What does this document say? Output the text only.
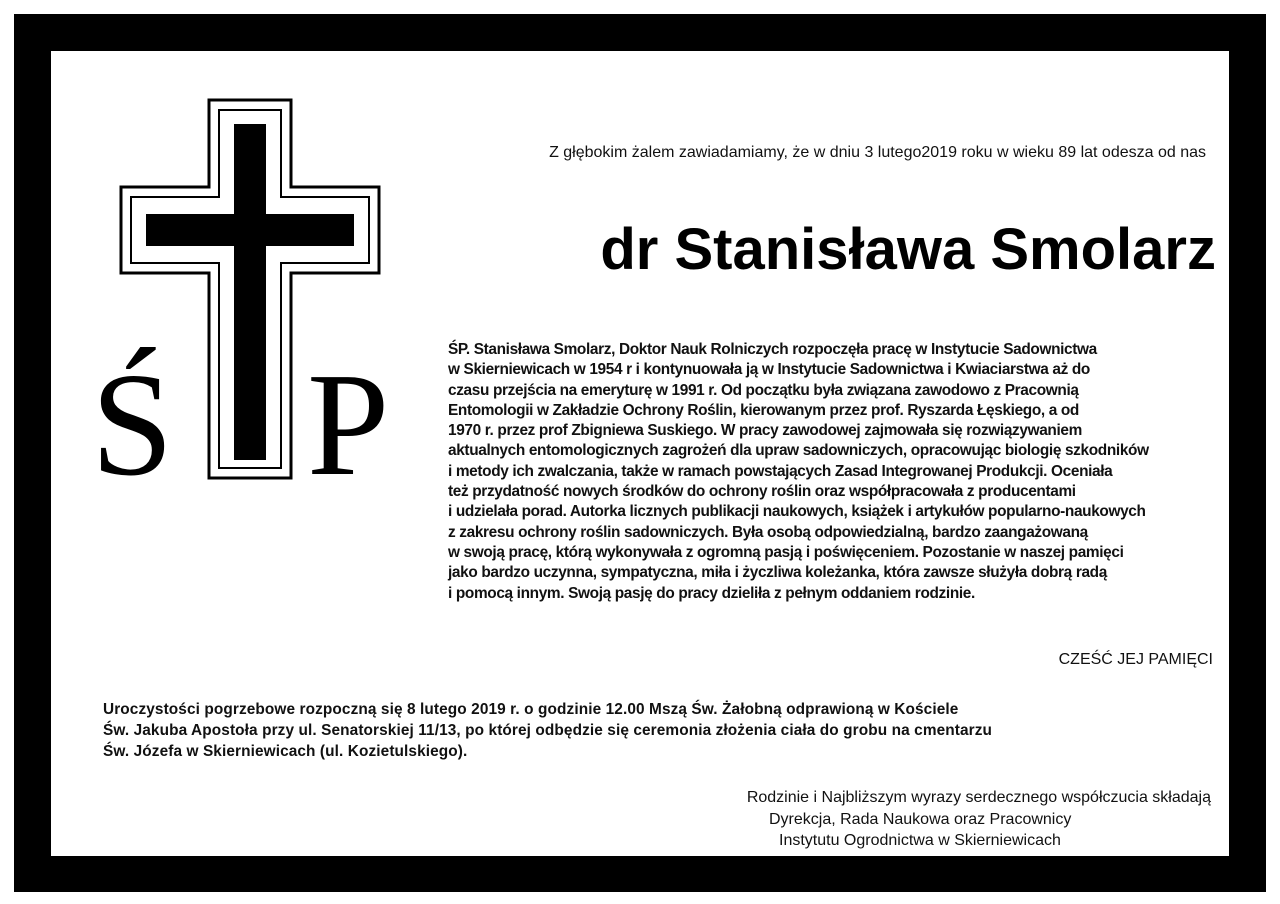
Ś P
Z głębokim żalem zawiadamiamy, że w dniu 3 lutego2019 roku w wieku 89 lat odesza od nas
dr Stanisława Smolarz
ŚP. Stanisława Smolarz, Doktor Nauk Rolniczych rozpoczęła pracę w Instytucie Sadownictwa
w Skierniewicach w 1954 r i kontynuowała ją w Instytucie Sadownictwa i Kwiaciarstwa aż do
czasu przejścia na emeryturę w 1991 r. Od początku była związana zawodowo z Pracownią
Entomologii w Zakładzie Ochrony Roślin, kierowanym przez prof. Ryszarda Łęskiego, a od
1970 r. przez prof Zbigniewa Suskiego. W pracy zawodowej zajmowała się rozwiązywaniem
aktualnych entomologicznych zagrożeń dla upraw sadowniczych, opracowując biologię szkodników
i metody ich zwalczania, także w ramach powstających Zasad Integrowanej Produkcji. Oceniała
też przydatność nowych środków do ochrony roślin oraz współpracowała z producentami
i udzielała porad. Autorka licznych publikacji naukowych, książek i artykułów popularno-naukowych
z zakresu ochrony roślin sadowniczych. Była osobą odpowiedzialną, bardzo zaangażowaną
w swoją pracę, którą wykonywała z ogromną pasją i poświęceniem. Pozostanie w naszej pamięci
jako bardzo uczynna, sympatyczna, miła i życzliwa koleżanka, która zawsze służyła dobrą radą
i pomocą innym. Swoją pasję do pracy dzieliła z pełnym oddaniem rodzinie.
CZEŚĆ JEJ PAMIĘCI
Uroczystości pogrzebowe rozpoczną się 8 lutego 2019 r. o godzinie 12.00 Mszą Św. Żałobną odprawioną w Kościele
Św. Jakuba Apostoła przy ul. Senatorskiej 11/13, po której odbędzie się ceremonia złożenia ciała do grobu na cmentarzu
Św. Józefa w Skierniewicach (ul. Kozietulskiego).
Rodzinie i Najbliższym wyrazy serdecznego współczucia składają
Dyrekcja, Rada Naukowa oraz Pracownicy
Instytutu Ogrodnictwa w Skierniewicach
